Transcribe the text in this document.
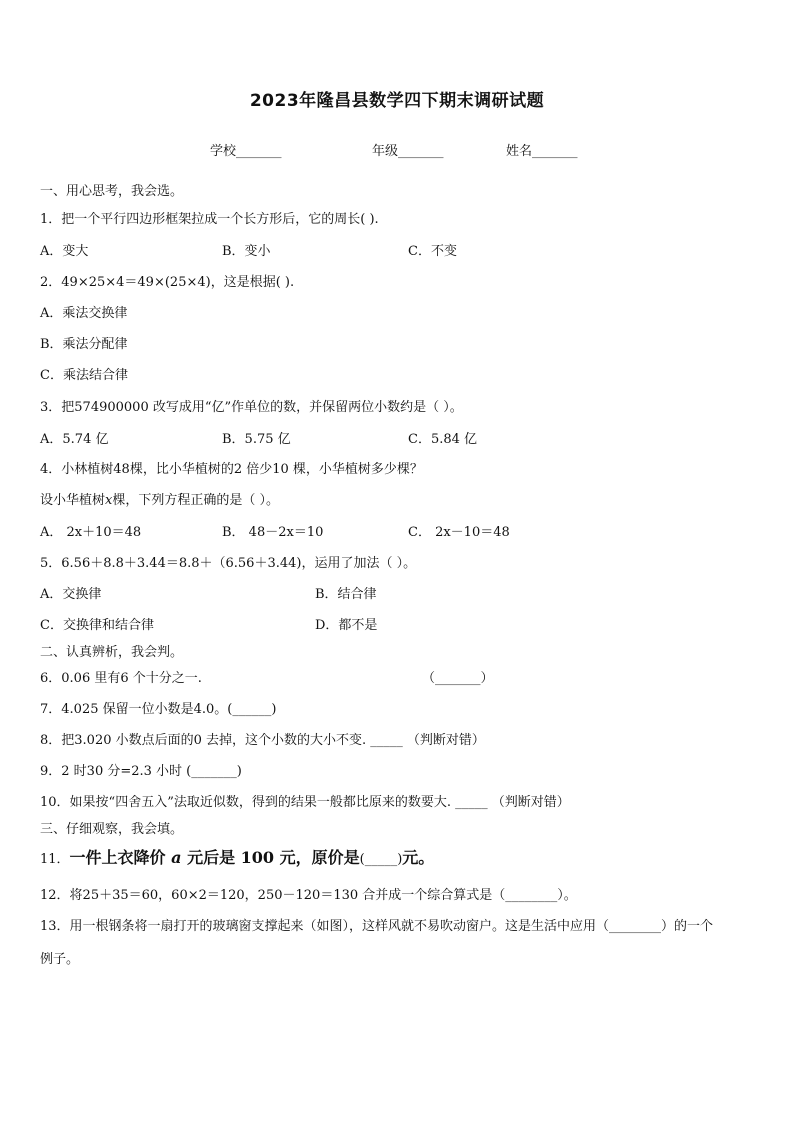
2023年隆昌县数学四下期末调研试题
学校_______	年级_______	姓名_______
一、用心思考，我会选。
1．把一个平行四边形框架拉成一个长方形后，它的周长( ).
A．变大	B．变小	C．不变
2．49×25×4＝49×(25×4)，这是根据( ).
A．乘法交换律
B．乘法分配律
C．乘法结合律
3．把574900000 改写成用“亿”作单位的数，并保留两位小数约是（ ）。
A．5.74 亿	B．5.75 亿	C．5.84 亿
4．小林植树48棵，比小华植树的2 倍少10 棵，小华植树多少棵？
设小华植树x棵，下列方程正确的是（ ）。
A． 2x＋10＝48	B． 48－2x＝10	C． 2x－10＝48
5．6.56＋8.8＋3.44＝8.8＋（6.56＋3.44)，运用了加法（ ）。
A．交换律	B．结合律
C．交换律和结合律	D．都不是
二、认真辨析，我会判。
6．0.06 里有6 个十分之一.	（_______）
7．4.025 保留一位小数是4.0。(______)
8．把3.020 小数点后面的0 去掉，这个小数的大小不变. _____ （判断对错）
9．2 时30 分=2.3 小时 (_______)
10．如果按“四舍五入”法取近似数，得到的结果一般都比原来的数要大. _____ （判断对错）
三、仔细观察，我会填。
11．一件上衣降价 a 元后是 100 元，原价是(_____)元。
12．将25＋35＝60，60×2＝120，250－120＝130 合并成一个综合算式是（________）。
13．用一根钢条将一扇打开的玻璃窗支撑起来（如图），这样风就不易吹动窗户。这是生活中应用（________）的一个
例子。
